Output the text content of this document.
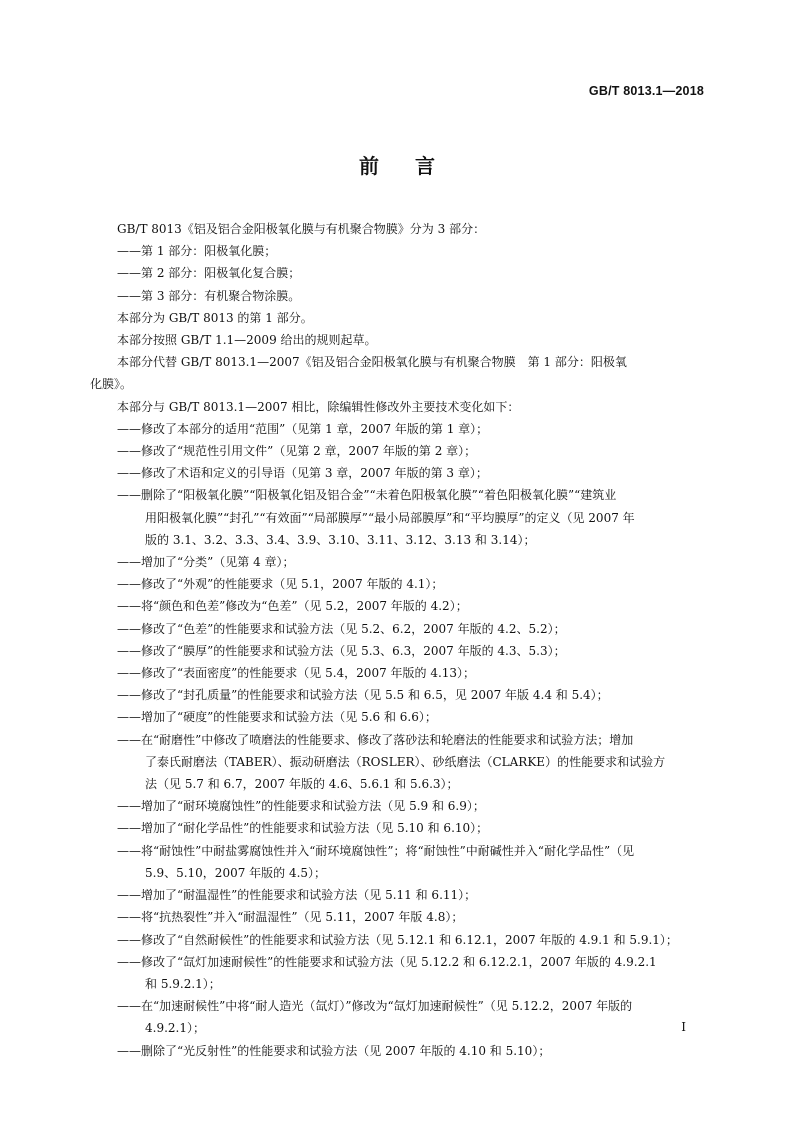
GB/T 8013.1—2018
前言
GB/T 8013《铝及铝合金阳极氧化膜与有机聚合物膜》分为 3 部分：
——第 1 部分：阳极氧化膜；
——第 2 部分：阳极氧化复合膜；
——第 3 部分：有机聚合物涂膜。
本部分为 GB/T 8013 的第 1 部分。
本部分按照 GB/T 1.1—2009 给出的规则起草。
本部分代替 GB/T 8013.1—2007《铝及铝合金阳极氧化膜与有机聚合物膜　第 1 部分：阳极氧
化膜》。
本部分与 GB/T 8013.1—2007 相比，除编辑性修改外主要技术变化如下：
——修改了本部分的适用“范围”（见第 1 章，2007 年版的第 1 章）；
——修改了“规范性引用文件”（见第 2 章，2007 年版的第 2 章）；
——修改了术语和定义的引导语（见第 3 章，2007 年版的第 3 章）；
——删除了“阳极氧化膜”“阳极氧化铝及铝合金”“未着色阳极氧化膜”“着色阳极氧化膜”“建筑业
用阳极氧化膜”“封孔”“有效面”“局部膜厚”“最小局部膜厚”和“平均膜厚”的定义（见 2007 年
版的 3.1、3.2、3.3、3.4、3.9、3.10、3.11、3.12、3.13 和 3.14）；
——增加了“分类”（见第 4 章）；
——修改了“外观”的性能要求（见 5.1，2007 年版的 4.1）；
——将“颜色和色差”修改为“色差”（见 5.2，2007 年版的 4.2）；
——修改了“色差”的性能要求和试验方法（见 5.2、6.2，2007 年版的 4.2、5.2）；
——修改了“膜厚”的性能要求和试验方法（见 5.3、6.3，2007 年版的 4.3、5.3）；
——修改了“表面密度”的性能要求（见 5.4，2007 年版的 4.13）；
——修改了“封孔质量”的性能要求和试验方法（见 5.5 和 6.5，见 2007 年版 4.4 和 5.4）；
——增加了“硬度”的性能要求和试验方法（见 5.6 和 6.6）；
——在“耐磨性”中修改了喷磨法的性能要求、修改了落砂法和轮磨法的性能要求和试验方法；增加
了泰氏耐磨法（TABER）、振动研磨法（ROSLER）、砂纸磨法（CLARKE）的性能要求和试验方
法（见 5.7 和 6.7，2007 年版的 4.6、5.6.1 和 5.6.3）；
——增加了“耐环境腐蚀性”的性能要求和试验方法（见 5.9 和 6.9）；
——增加了“耐化学品性”的性能要求和试验方法（见 5.10 和 6.10）；
——将“耐蚀性”中耐盐雾腐蚀性并入“耐环境腐蚀性”；将“耐蚀性”中耐碱性并入“耐化学品性”（见
5.9、5.10，2007 年版的 4.5）；
——增加了“耐温湿性”的性能要求和试验方法（见 5.11 和 6.11）；
——将“抗热裂性”并入“耐温湿性”（见 5.11，2007 年版 4.8）；
——修改了“自然耐候性”的性能要求和试验方法（见 5.12.1 和 6.12.1，2007 年版的 4.9.1 和 5.9.1）；
——修改了“氙灯加速耐候性”的性能要求和试验方法（见 5.12.2 和 6.12.2.1，2007 年版的 4.9.2.1
和 5.9.2.1）；
——在“加速耐候性”中将“耐人造光（氙灯）”修改为“氙灯加速耐候性”（见 5.12.2，2007 年版的
4.9.2.1）；
——删除了“光反射性”的性能要求和试验方法（见 2007 年版的 4.10 和 5.10）；
I
